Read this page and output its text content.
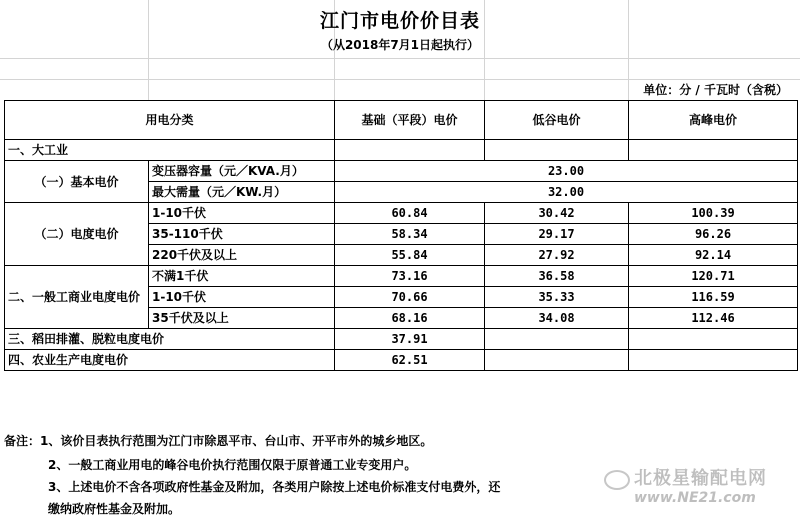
江门市电价价目表
（从2018年7月1日起执行）
单位：分 / 千瓦时（含税）
用电分类		基础（平段）电价	低谷电价	高峰电价
一、大工业				
（一）基本电价	变压器容量（元／KVA.月）	23.00		
	最大需量（元／KW.月）	32.00		
（二）电度电价	1-10千伏	60.84	30.42	100.39
	35-110千伏	58.34	29.17	96.26
	220千伏及以上	55.84	27.92	92.14
二、一般工商业电度电价	不满1千伏	73.16	36.58	120.71
	1-10千伏	70.66	35.33	116.59
	35千伏及以上	68.16	34.08	112.46
三、稻田排灌、脱粒电度电价		37.91		
四、农业生产电度电价		62.51		
备注：1、该价目表执行范围为江门市除恩平市、台山市、开平市外的城乡地区。
2、一般工商业用电的峰谷电价执行范围仅限于原普通工业专变用户。
3、上述电价不含各项政府性基金及附加，各类用户除按上述电价标准支付电费外，还
缴纳政府性基金及附加。
北极星输配电网
www.NE21.com
